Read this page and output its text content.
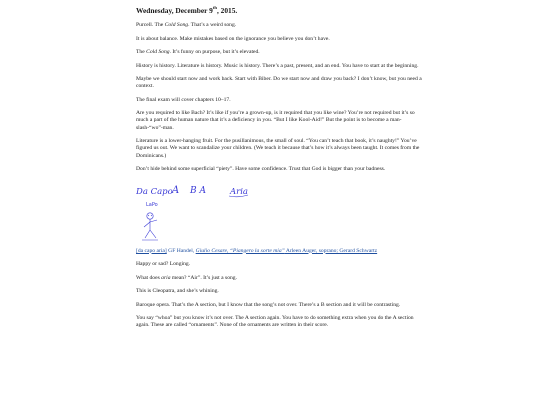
Wednesday, December 9th, 2015.

Purcell. The Cold Song. That’s a weird song.

It is about balance. Make mistakes based on the ignorance you believe you don’t have.

The Cold Song. It’s funny on purpose, but it’s elevated.

History is history. Literature is history. Music is history. There’s a past, present, and an end. You have to start at the beginning.

Maybe we should start now and work back. Start with Biber. Do we start now and draw you back? I don’t know, but you need a context.

The final exam will cover chapters 10–17.

Are you required to like Bach? It’s like if you’re a grown-up, is it required that you like wine? You’re not required but it’s so much a part of the human nature that it’s a deficiency in you. “But I like Kool-Aid!” But the point is to become a man-slash-“wo”-man.

Literature is a lower-hanging fruit. For the pusillanimous, the small of soul. “You can’t teach that book, it’s naughty!” You’ve figured us out. We want to scandalize your children. (We teach it because that’s how it’s always been taught. It comes from the Dominicans.)

Don’t hide behind some superficial “piety”. Have some confidence. Trust that God is bigger than your badness.

Da Capo A B A	Aria
LaPo

[da capo aria] GF Handel, Giulio Cesare, “Piangero la sorte mia” Arleen Auger, soprano; Gerard Schwartz

Happy or sad? Longing.

What does aria mean? “Air”. It’s just a song.

This is Cleopatra, and she’s whining.

Baroque opera. That’s the A section, but I know that the song’s not over. There’s a B section and it will be contrasting.

You say “whoa” but you know it’s not over. The A section again. You have to do something extra when you do the A section again. These are called “ornaments”. None of the ornaments are written in their score.
